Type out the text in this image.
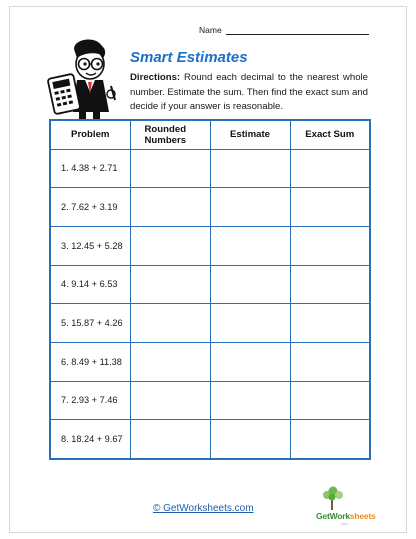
Name
Smart Estimates
Directions: Round each decimal to the nearest whole number. Estimate the sum. Then find the exact sum and decide if your answer is reasonable.
Problem	Rounded Numbers	Estimate	Exact Sum
1. 4.38 + 2.71			
2. 7.62 + 3.19			
3. 12.45 + 5.28			
4. 9.14 + 6.53			
5. 15.87 + 4.26			
6. 8.49 + 11.38			
7. 2.93 + 7.46			
8. 18.24 + 9.67			
© GetWorksheets.com
GetWorksheets
.com
